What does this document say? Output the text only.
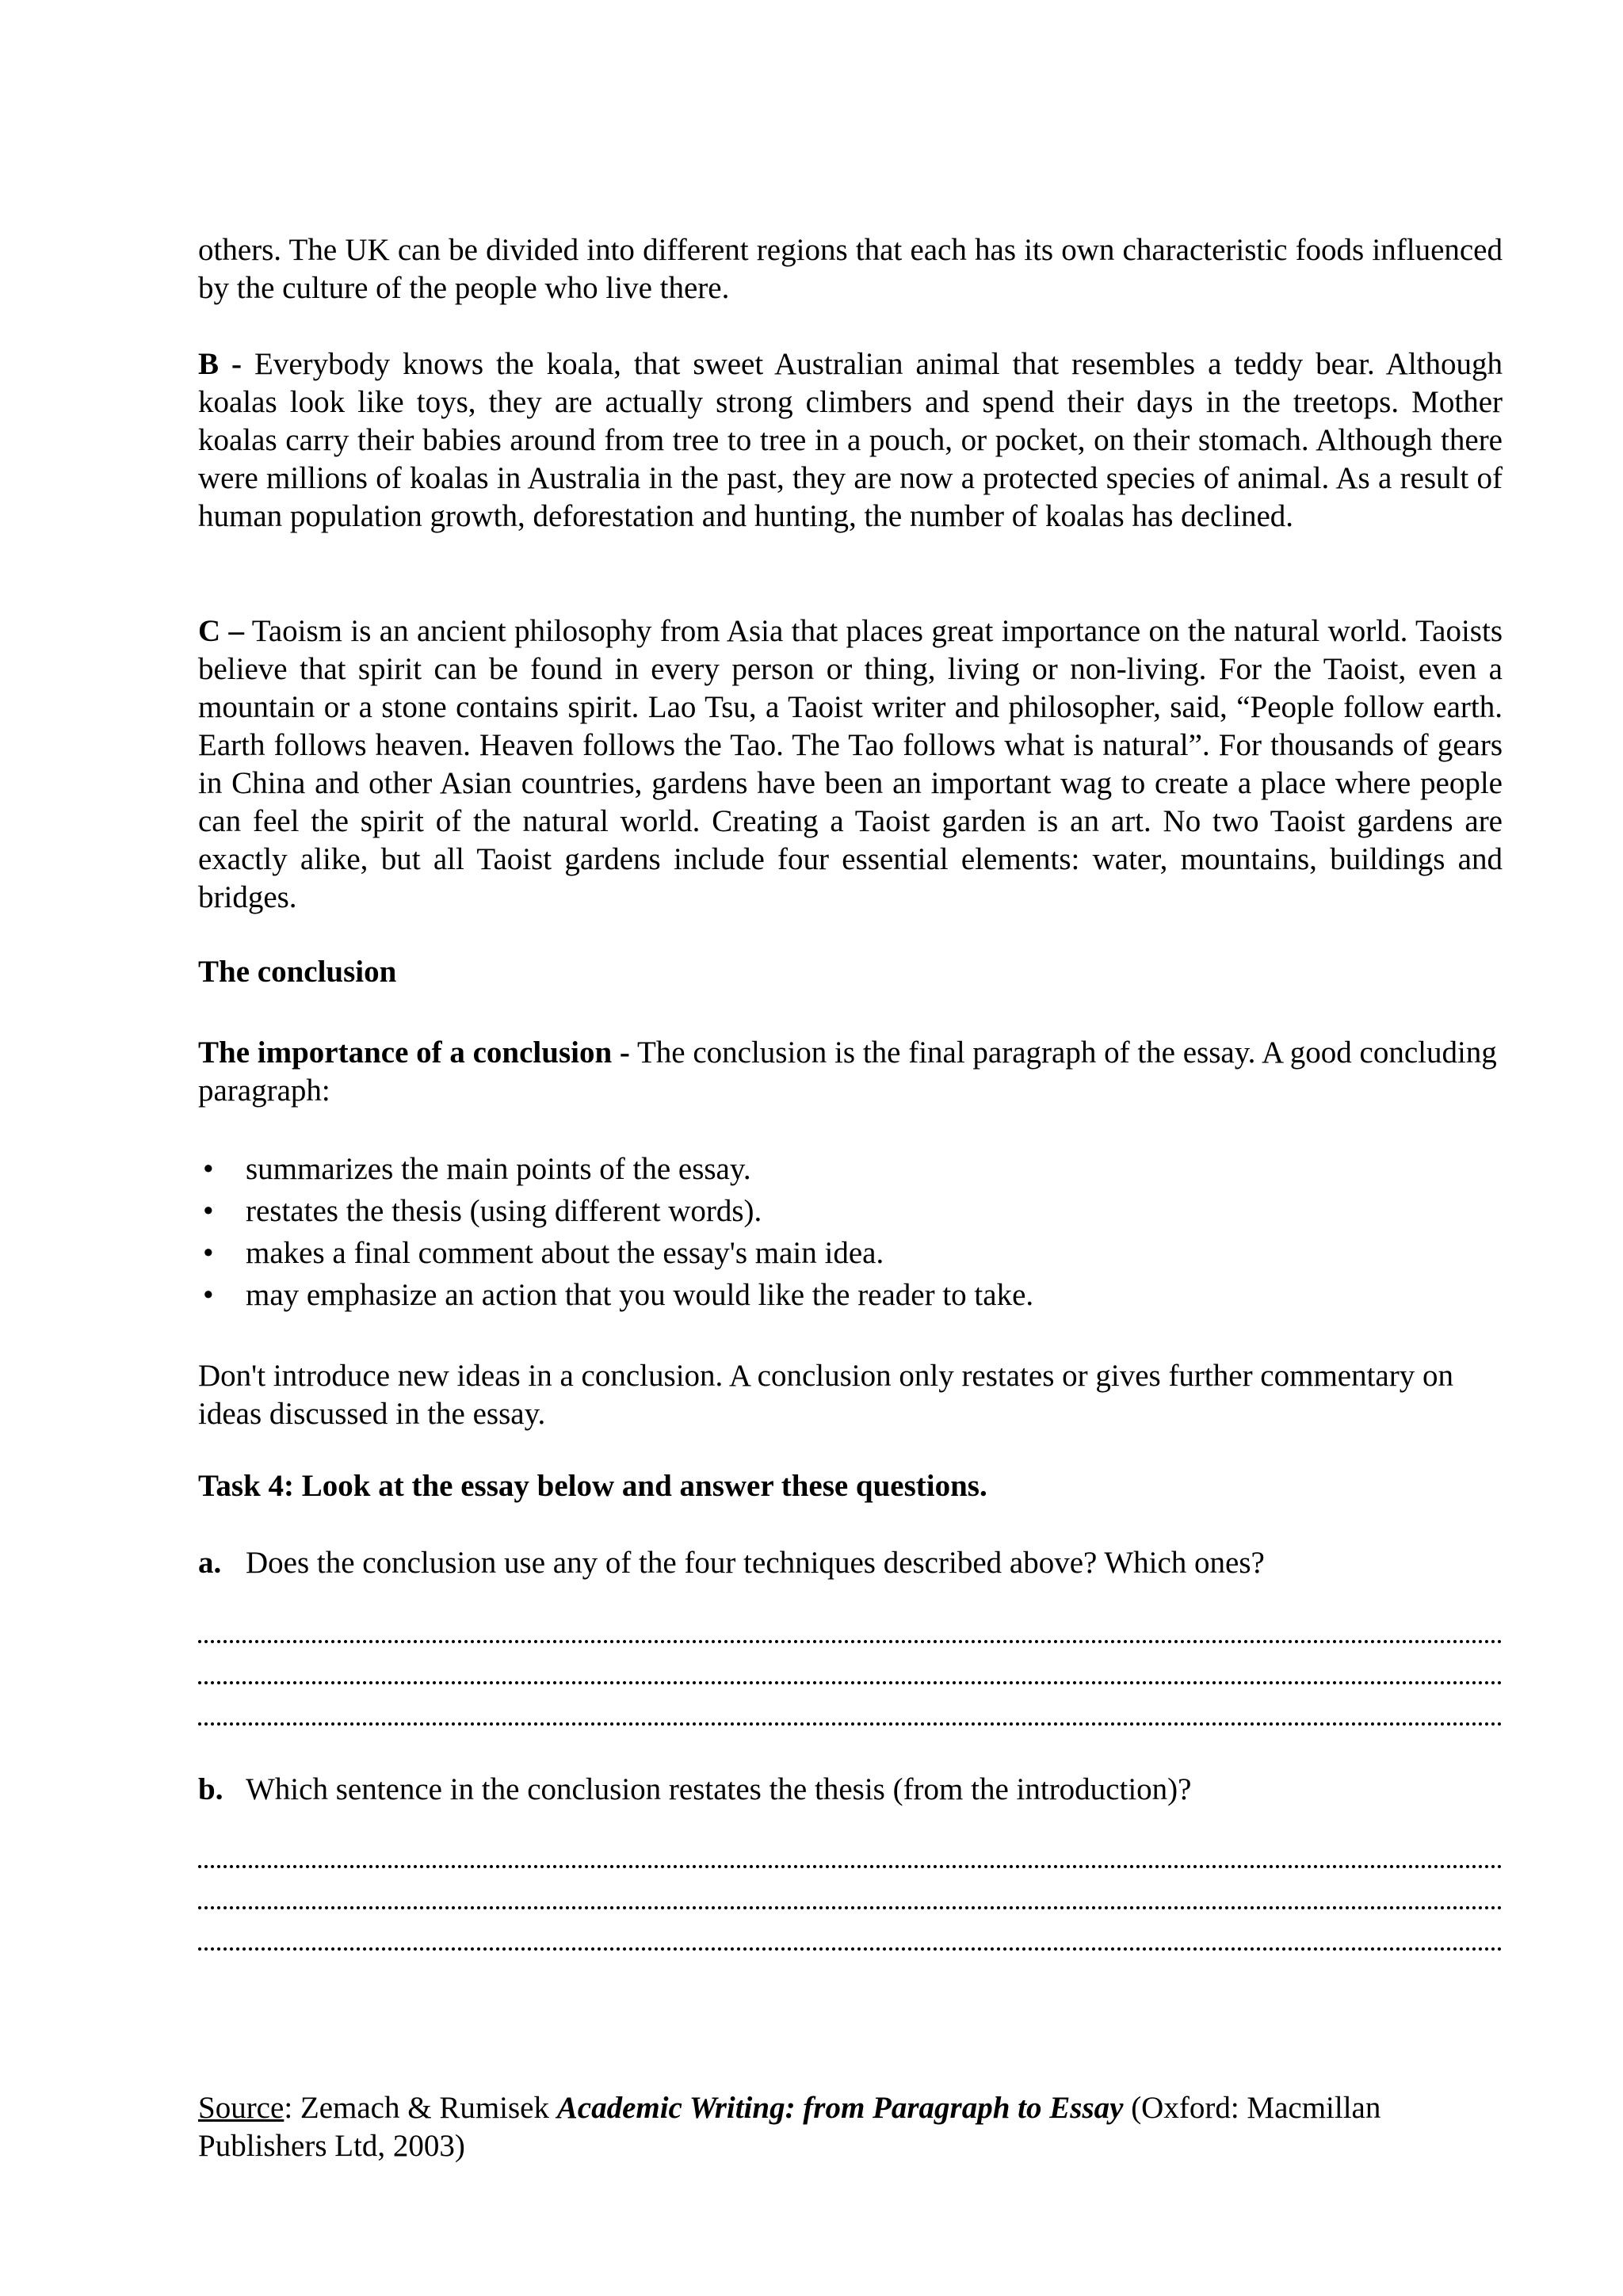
others. The UK can be divided into different regions that each has its own characteristic foods influenced by the culture of the people who live there.

B - Everybody knows the koala, that sweet Australian animal that resembles a teddy bear. Although koalas look like toys, they are actually strong climbers and spend their days in the treetops. Mother koalas carry their babies around from tree to tree in a pouch, or pocket, on their stomach. Although there were millions of koalas in Australia in the past, they are now a protected species of animal. As a result of human population growth, deforestation and hunting, the number of koalas has declined.

C – Taoism is an ancient philosophy from Asia that places great importance on the natural world. Taoists believe that spirit can be found in every person or thing, living or non-living. For the Taoist, even a mountain or a stone contains spirit. Lao Tsu, a Taoist writer and philosopher, said, “People follow earth. Earth follows heaven. Heaven follows the Tao. The Tao follows what is natural”. For thousands of gears in China and other Asian countries, gardens have been an important wag to create a place where people can feel the spirit of the natural world. Creating a Taoist garden is an art. No two Taoist gardens are exactly alike, but all Taoist gardens include four essential elements: water, mountains, buildings and bridges.

The conclusion

The importance of a conclusion - The conclusion is the final paragraph of the essay. A good concluding paragraph:

• summarizes the main points of the essay.
• restates the thesis (using different words).
• makes a final comment about the essay's main idea.
• may emphasize an action that you would like the reader to take.

Don't introduce new ideas in a conclusion. A conclusion only restates or gives further commentary on ideas discussed in the essay.

Task 4: Look at the essay below and answer these questions.

a. Does the conclusion use any of the four techniques described above? Which ones?

b. Which sentence in the conclusion restates the thesis (from the introduction)?

Source: Zemach & Rumisek Academic Writing: from Paragraph to Essay (Oxford: Macmillan Publishers Ltd, 2003)
